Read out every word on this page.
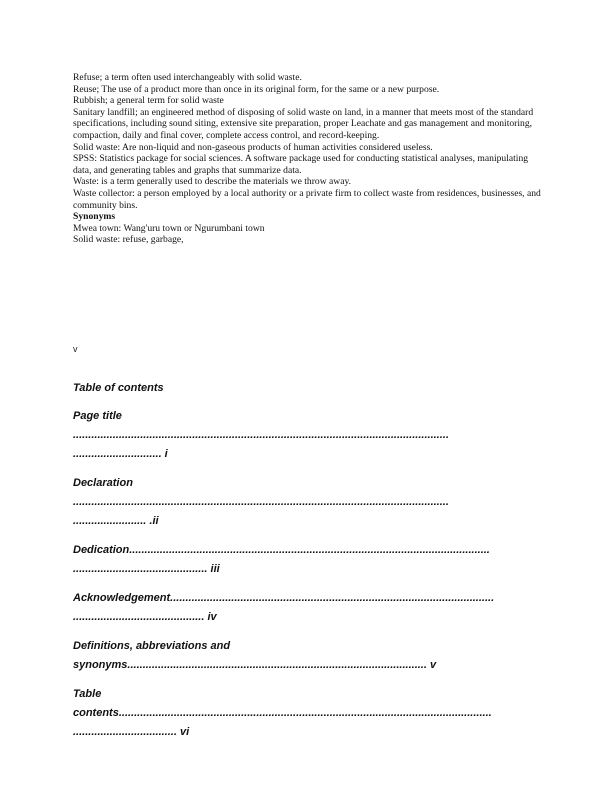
Refuse; a term often used interchangeably with solid waste.

Reuse; The use of a product more than once in its original form, for the same or a new purpose.

Rubbish; a general term for solid waste

Sanitary landfill; an engineered method of disposing of solid waste on land, in a manner that meets most of the standard specifications, including sound siting, extensive site preparation, proper Leachate and gas management and monitoring, compaction, daily and final cover, complete access control, and record-keeping.

Solid waste: Are non-liquid and non-gaseous products of human activities considered useless.

SPSS: Statistics package for social sciences. A software package used for conducting statistical analyses, manipulating data, and generating tables and graphs that summarize data.

Waste: is a term generally used to describe the materials we throw away.

Waste collector: a person employed by a local authority or a private firm to collect waste from residences, businesses, and community bins.

Synonyms

Mwea town: Wang'uru town or Ngurumbani town

Solid waste: refuse, garbage,

v
Table of contents
Page title
...........................................................................................................................
............................. i
Declaration
...........................................................................................................................
........................ .ii
Dedication......................................................................................................................
............................................ iii
Acknowledgement..........................................................................................................
........................................... iv
Definitions, abbreviations and
synonyms.................................................................................................. v
Table
contents..........................................................................................................................
.................................. vi
